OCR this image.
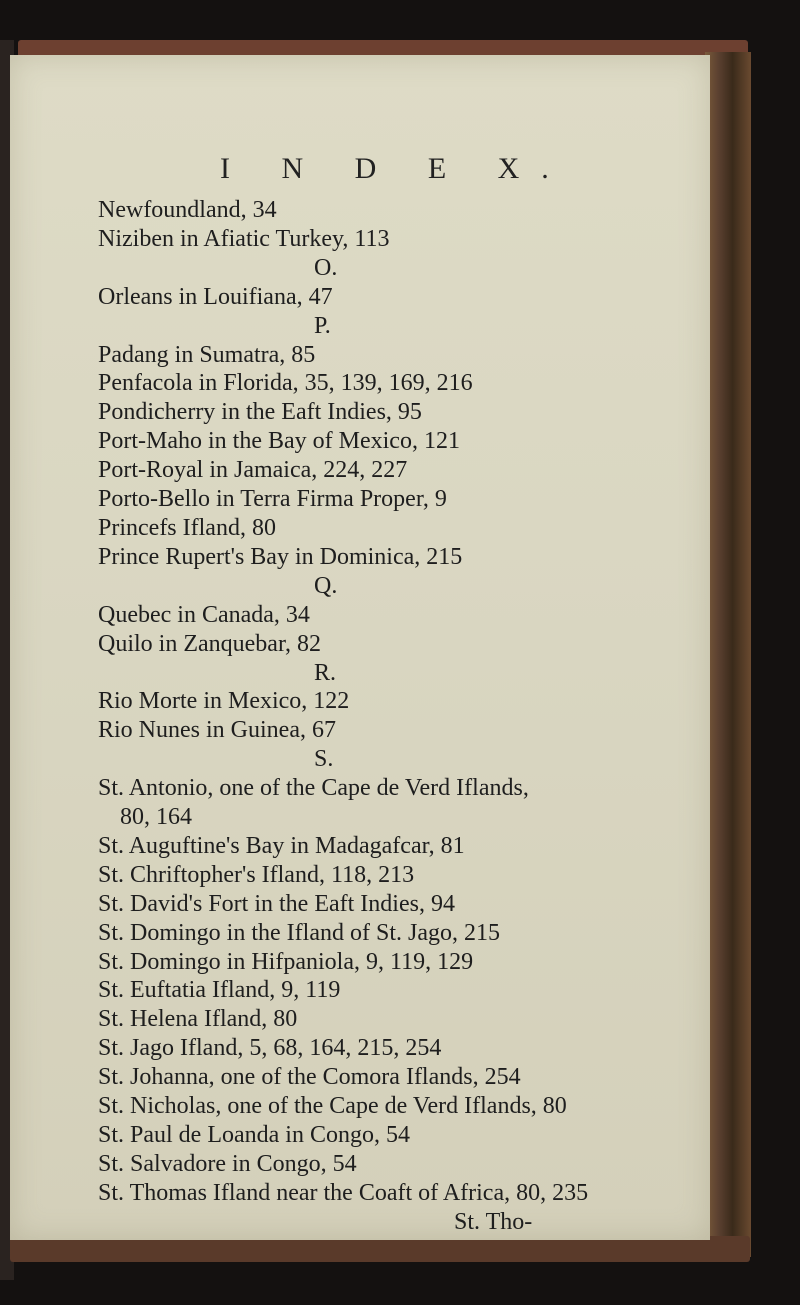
I N D E X.
Newfoundland, 34
Niziben in Afiatic Turkey, 113
O.
Orleans in Louifiana, 47
P.
Padang in Sumatra, 85
Penfacola in Florida, 35, 139, 169, 216
Pondicherry in the Eaft Indies, 95
Port-Maho in the Bay of Mexico, 121
Port-Royal in Jamaica, 224, 227
Porto-Bello in Terra Firma Proper, 9
Princefs Ifland, 80
Prince Rupert's Bay in Dominica, 215
Q.
Quebec in Canada, 34
Quilo in Zanquebar, 82
R.
Rio Morte in Mexico, 122
Rio Nunes in Guinea, 67
S.
St. Antonio, one of the Cape de Verd Iflands,
80, 164
St. Auguftine's Bay in Madagafcar, 81
St. Chriftopher's Ifland, 118, 213
St. David's Fort in the Eaft Indies, 94
St. Domingo in the Ifland of St. Jago, 215
St. Domingo in Hifpaniola, 9, 119, 129
St. Euftatia Ifland, 9, 119
St. Helena Ifland, 80
St. Jago Ifland, 5, 68, 164, 215, 254
St. Johanna, one of the Comora Iflands, 254
St. Nicholas, one of the Cape de Verd Iflands, 80
St. Paul de Loanda in Congo, 54
St. Salvadore in Congo, 54
St. Thomas Ifland near the Coaft of Africa, 80, 235
St. Tho-
